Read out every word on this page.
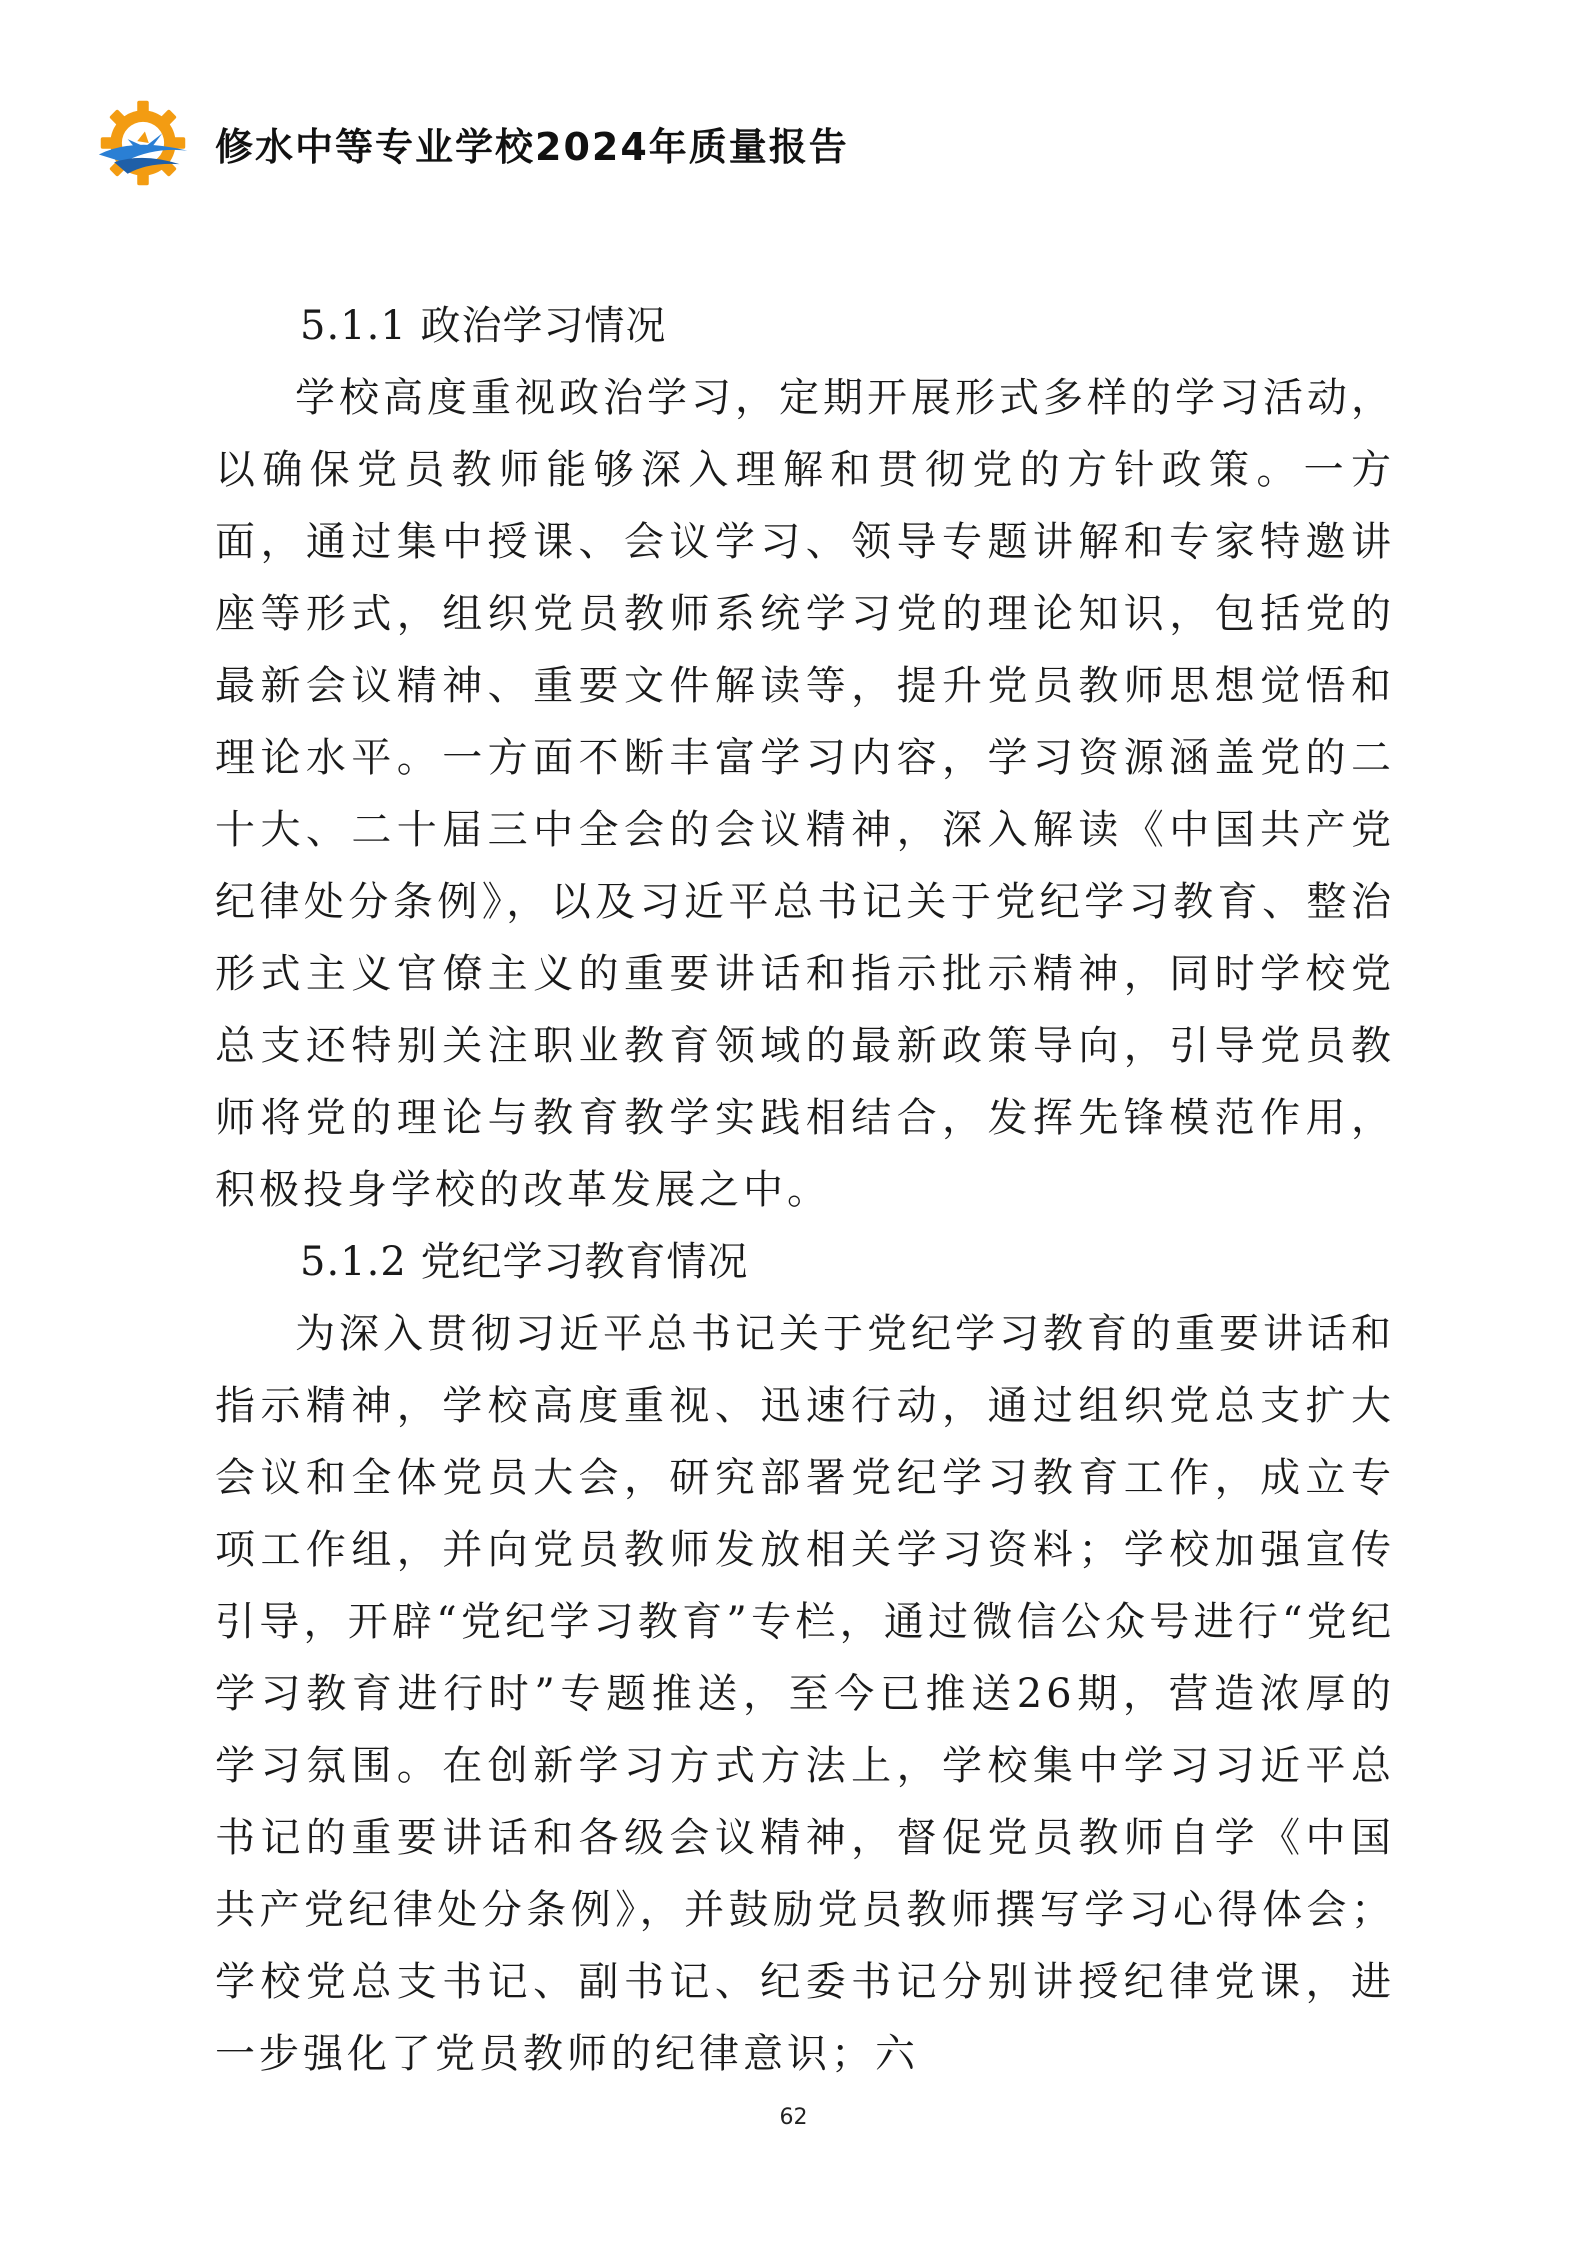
修水中等专业学校2024年质量报告
5.1.1 政治学习情况

学校高度重视政治学习，定期开展形式多样的学习活动，以确保党员教师能够深入理解和贯彻党的方针政策。一方面，通过集中授课、会议学习、领导专题讲解和专家特邀讲座等形式，组织党员教师系统学习党的理论知识，包括党的最新会议精神、重要文件解读等，提升党员教师思想觉悟和理论水平。一方面不断丰富学习内容，学习资源涵盖党的二十大、二十届三中全会的会议精神，深入解读《中国共产党纪律处分条例》，以及习近平总书记关于党纪学习教育、整治形式主义官僚主义的重要讲话和指示批示精神，同时学校党总支还特别关注职业教育领域的最新政策导向，引导党员教师将党的理论与教育教学实践相结合，发挥先锋模范作用，积极投身学校的改革发展之中。

5.1.2 党纪学习教育情况

为深入贯彻习近平总书记关于党纪学习教育的重要讲话和指示精神，学校高度重视、迅速行动，通过组织党总支扩大会议和全体党员大会，研究部署党纪学习教育工作，成立专项工作组，并向党员教师发放相关学习资料；学校加强宣传引导，开辟“党纪学习教育”专栏，通过微信公众号进行“党纪学习教育进行时”专题推送，至今已推送26期，营造浓厚的学习氛围。在创新学习方式方法上，学校集中学习习近平总书记的重要讲话和各级会议精神，督促党员教师自学《中国共产党纪律处分条例》，并鼓励党员教师撰写学习心得体会；学校党总支书记、副书记、纪委书记分别讲授纪律党课，进一步强化了党员教师的纪律意识；六

62
